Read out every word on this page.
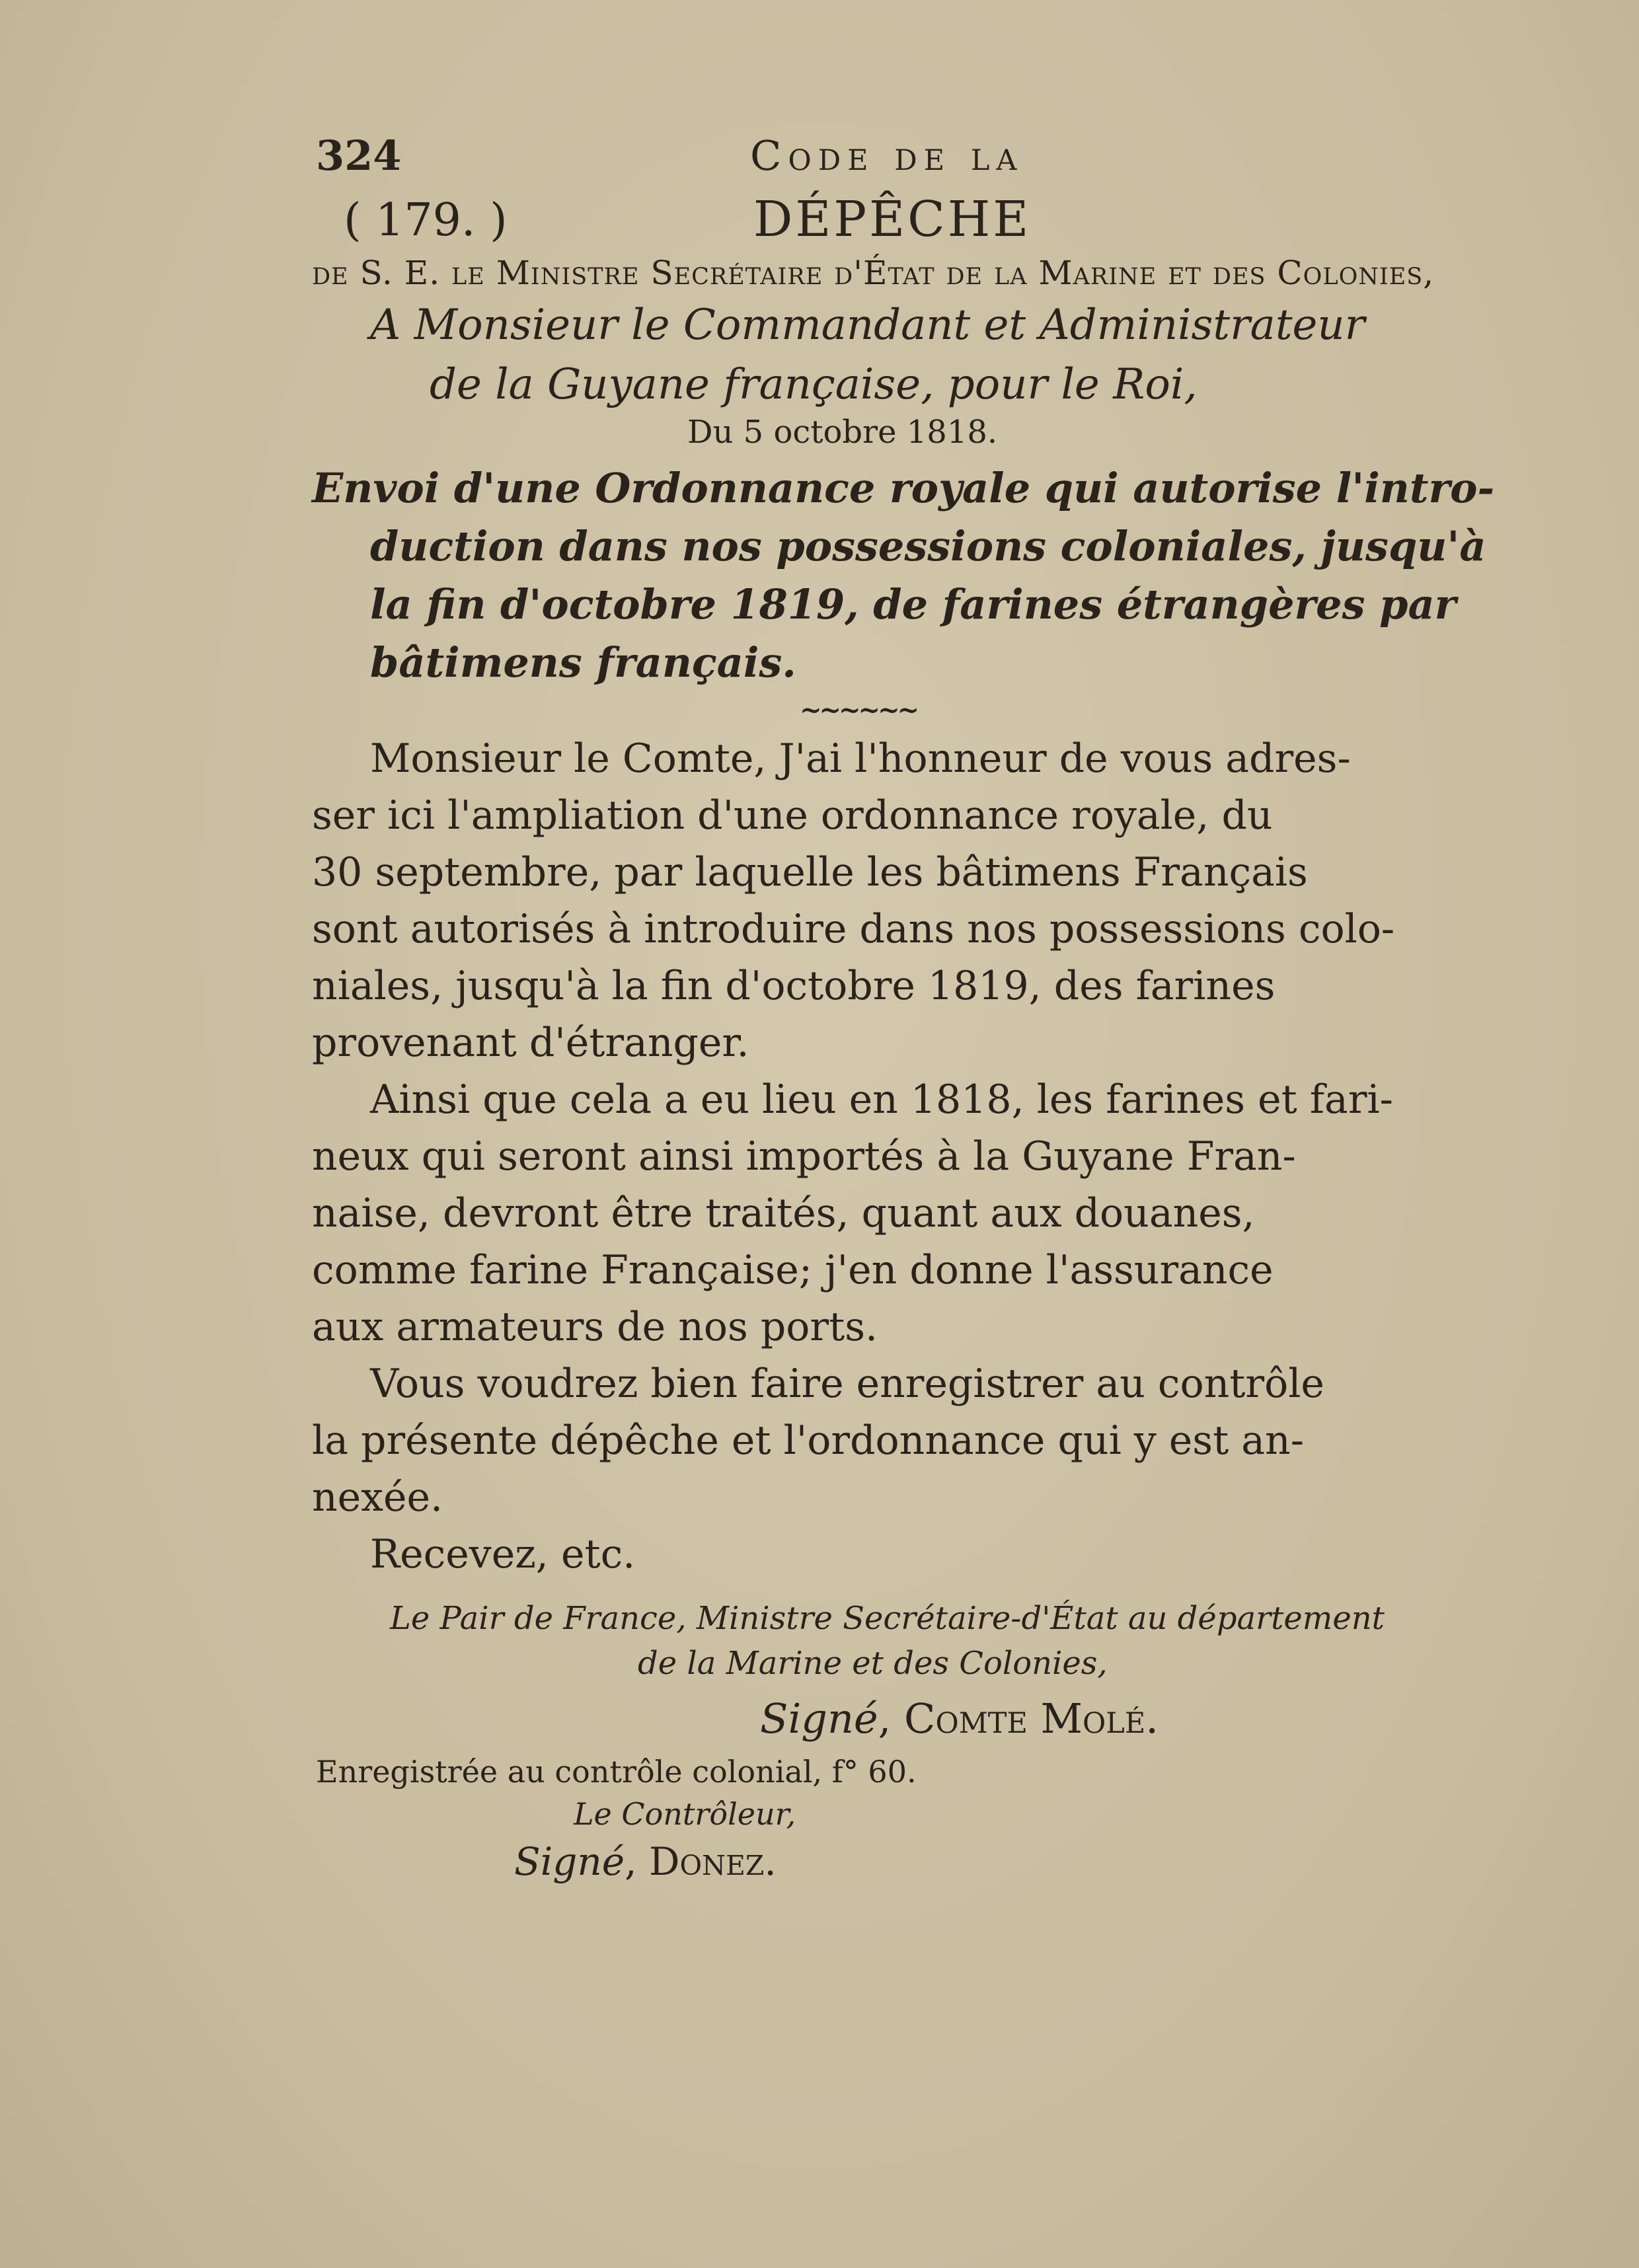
324	Code de la
( 179. )	DÉPÊCHE
de S. E. le Ministre Secrétaire d'État de la Marine et des Colonies,
A Monsieur le Commandant et Administrateur
de la Guyane française, pour le Roi,
Du 5 octobre 1818.
Envoi d'une Ordonnance royale qui autorise l'intro-
duction dans nos possessions coloniales, jusqu'à
la fin d'octobre 1819, de farines étrangères par
bâtimens français.
~~~~~~
Monsieur le Comte, J'ai l'honneur de vous adres-
ser ici l'ampliation d'une ordonnance royale, du
30 septembre, par laquelle les bâtimens Français
sont autorisés à introduire dans nos possessions colo-
niales, jusqu'à la fin d'octobre 1819, des farines
provenant d'étranger.
Ainsi que cela a eu lieu en 1818, les farines et fari-
neux qui seront ainsi importés à la Guyane Fran-
naise, devront être traités, quant aux douanes,
comme farine Française; j'en donne l'assurance
aux armateurs de nos ports.
Vous voudrez bien faire enregistrer au contrôle
la présente dépêche et l'ordonnance qui y est an-
nexée.
Recevez, etc.
Le Pair de France, Ministre Secrétaire-d'État au département
de la Marine et des Colonies,
Signé, Comte Molé.
Enregistrée au contrôle colonial, f° 60.
Le Contrôleur,
Signé, Donez.
